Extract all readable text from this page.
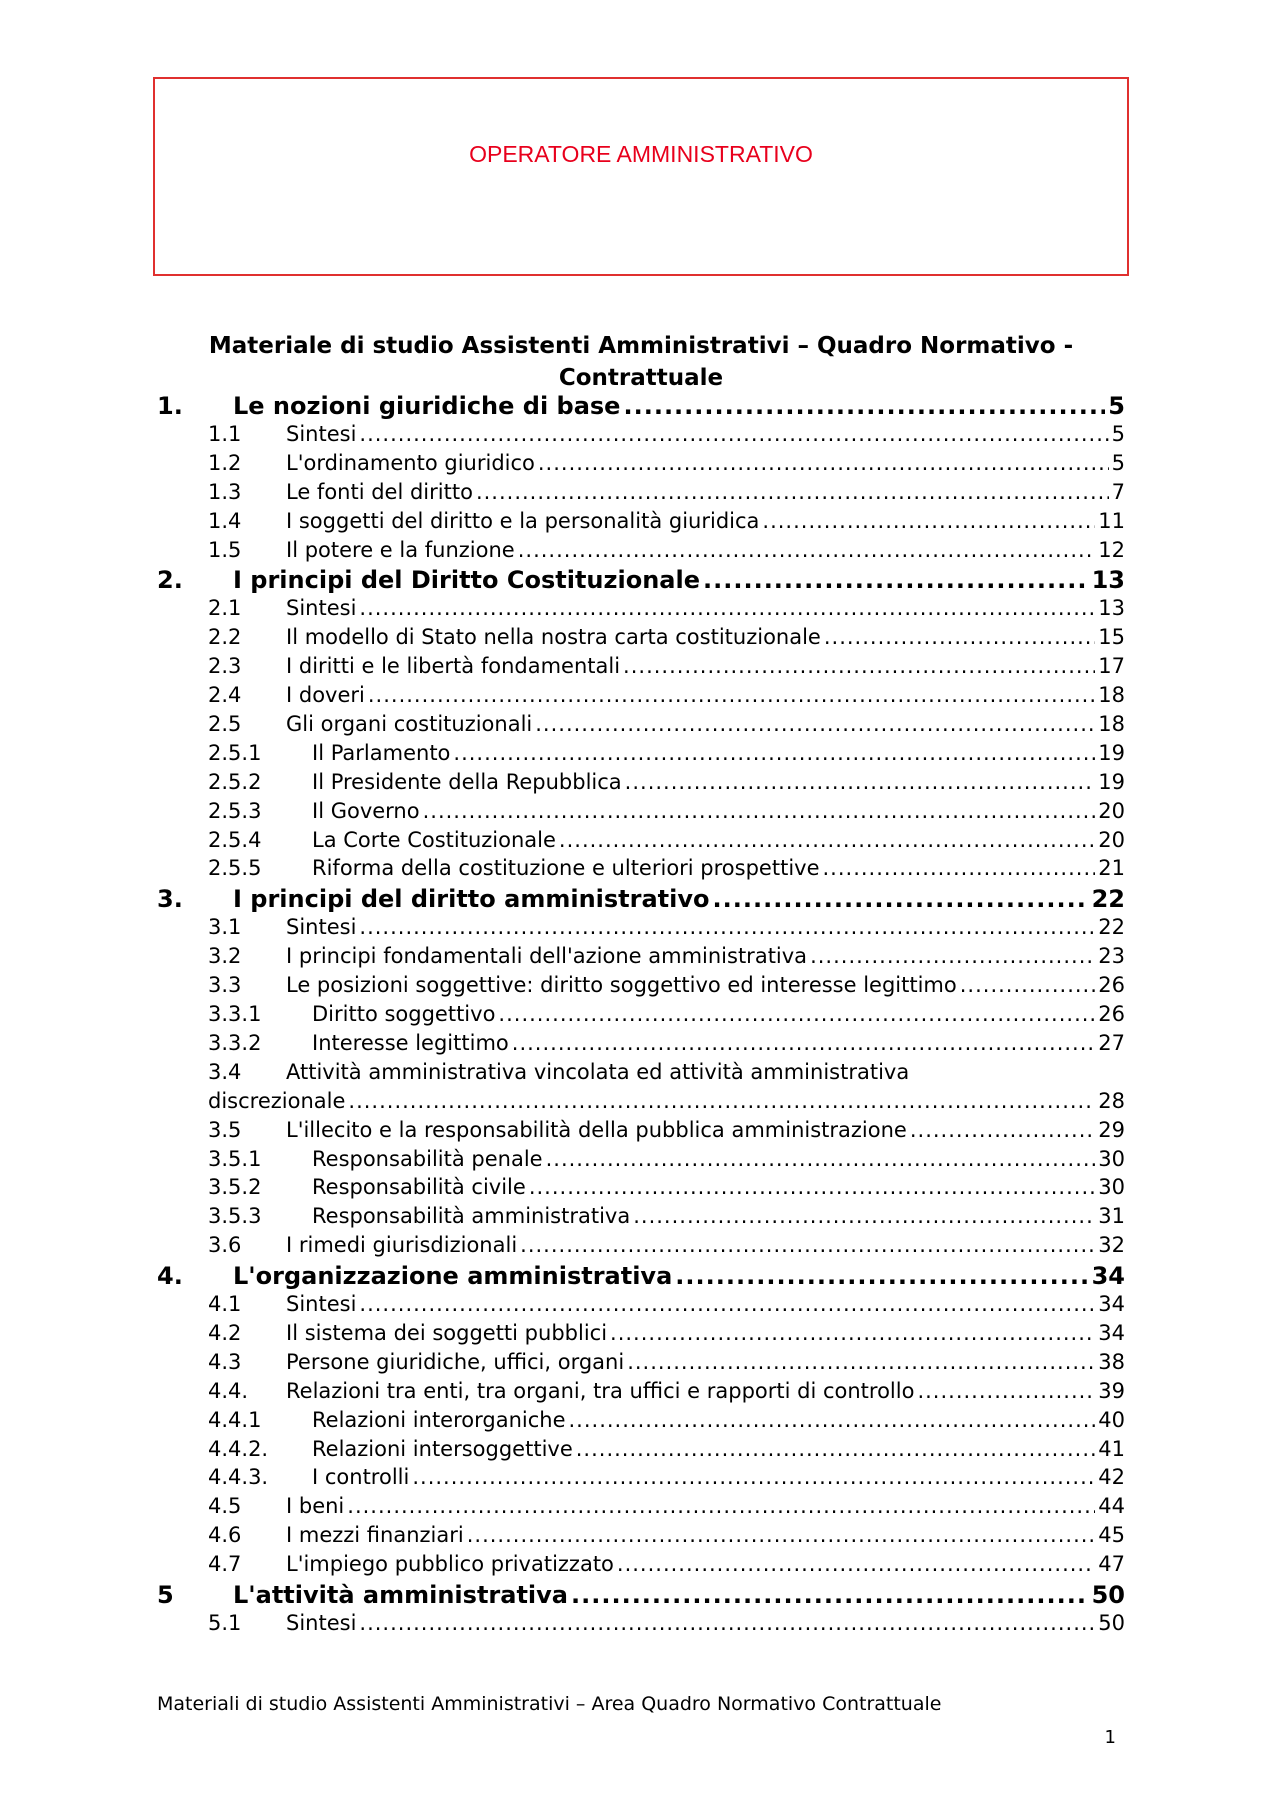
OPERATORE AMMINISTRATIVO
Materiale di studio Assistenti Amministrativi – Quadro Normativo -
Contrattuale
1.	Le nozioni giuridiche di base .....	5
1.1	Sintesi .....	5
1.2	L'ordinamento giuridico .....	5
1.3	Le fonti del diritto .....	7
1.4	I soggetti del diritto e la personalità giuridica .....	11
1.5	Il potere e la funzione .....	12
2.	I principi del Diritto Costituzionale .....	13
2.1	Sintesi .....	13
2.2	Il modello di Stato nella nostra carta costituzionale .....	15
2.3	I diritti e le libertà fondamentali .....	17
2.4	I doveri .....	18
2.5	Gli organi costituzionali .....	18
2.5.1	Il Parlamento .....	19
2.5.2	Il Presidente della Repubblica .....	19
2.5.3	Il Governo .....	20
2.5.4	La Corte Costituzionale .....	20
2.5.5	Riforma della costituzione e ulteriori prospettive .....	21
3.	I principi del diritto amministrativo .....	22
3.1	Sintesi .....	22
3.2	I principi fondamentali dell'azione amministrativa .....	23
3.3	Le posizioni soggettive: diritto soggettivo ed interesse legittimo .....	26
3.3.1	Diritto soggettivo .....	26
3.3.2	Interesse legittimo .....	27
3.4	Attività amministrativa vincolata ed attività amministrativa
discrezionale .....	28
3.5	L'illecito e la responsabilità della pubblica amministrazione .....	29
3.5.1	Responsabilità penale .....	30
3.5.2	Responsabilità civile .....	30
3.5.3	Responsabilità amministrativa .....	31
3.6	I rimedi giurisdizionali .....	32
4.	L'organizzazione amministrativa .....	34
4.1	Sintesi .....	34
4.2	Il sistema dei soggetti pubblici .....	34
4.3	Persone giuridiche, uffici, organi .....	38
4.4.	Relazioni tra enti, tra organi, tra uffici e rapporti di controllo .....	39
4.4.1	Relazioni interorganiche .....	40
4.4.2.	Relazioni intersoggettive .....	41
4.4.3.	I controlli .....	42
4.5	I beni .....	44
4.6	I mezzi finanziari .....	45
4.7	L'impiego pubblico privatizzato .....	47
5	L'attività amministrativa .....	50
5.1	Sintesi .....	50
Materiali di studio Assistenti Amministrativi – Area Quadro Normativo Contrattuale
1
